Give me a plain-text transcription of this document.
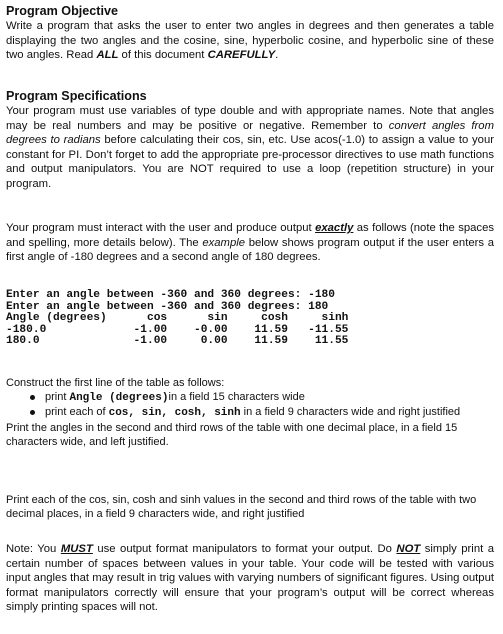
Program Objective

Write a program that asks the user to enter two angles in degrees and then generates a table displaying the two angles and the cosine, sine, hyperbolic cosine, and hyperbolic sine of these two angles. Read ALL of this document CAREFULLY.

Program Specifications

Your program must use variables of type double and with appropriate names. Note that angles may be real numbers and may be positive or negative. Remember to convert angles from degrees to radians before calculating their cos, sin, etc. Use acos(-1.0) to assign a value to your constant for PI. Don’t forget to add the appropriate pre-processor directives to use math functions and output manipulators. You are NOT required to use a loop (repetition structure) in your program.

Your program must interact with the user and produce output exactly as follows (note the spaces and spelling, more details below). The example below shows program output if the user enters a first angle of -180 degrees and a second angle of 180 degrees.

Enter an angle between -360 and 360 degrees: -180
Enter an angle between -360 and 360 degrees: 180
Angle (degrees)      cos      sin     cosh     sinh
-180.0             -1.00    -0.00    11.59   -11.55
180.0              -1.00     0.00    11.59    11.55

Construct the first line of the table as follows:

print Angle (degrees)in a field 15 characters wide
print each of cos, sin, cosh, sinh in a field 9 characters wide and right justified

Print the angles in the second and third rows of the table with one decimal place, in a field 15 characters wide, and left justified.

Print each of the cos, sin, cosh and sinh values in the second and third rows of the table with two decimal places, in a field 9 characters wide, and right justified

Note: You MUST use output format manipulators to format your output. Do NOT simply print a certain number of spaces between values in your table. Your code will be tested with various input angles that may result in trig values with varying numbers of significant figures. Using output format manipulators correctly will ensure that your program’s output will be correct whereas simply printing spaces will not.
